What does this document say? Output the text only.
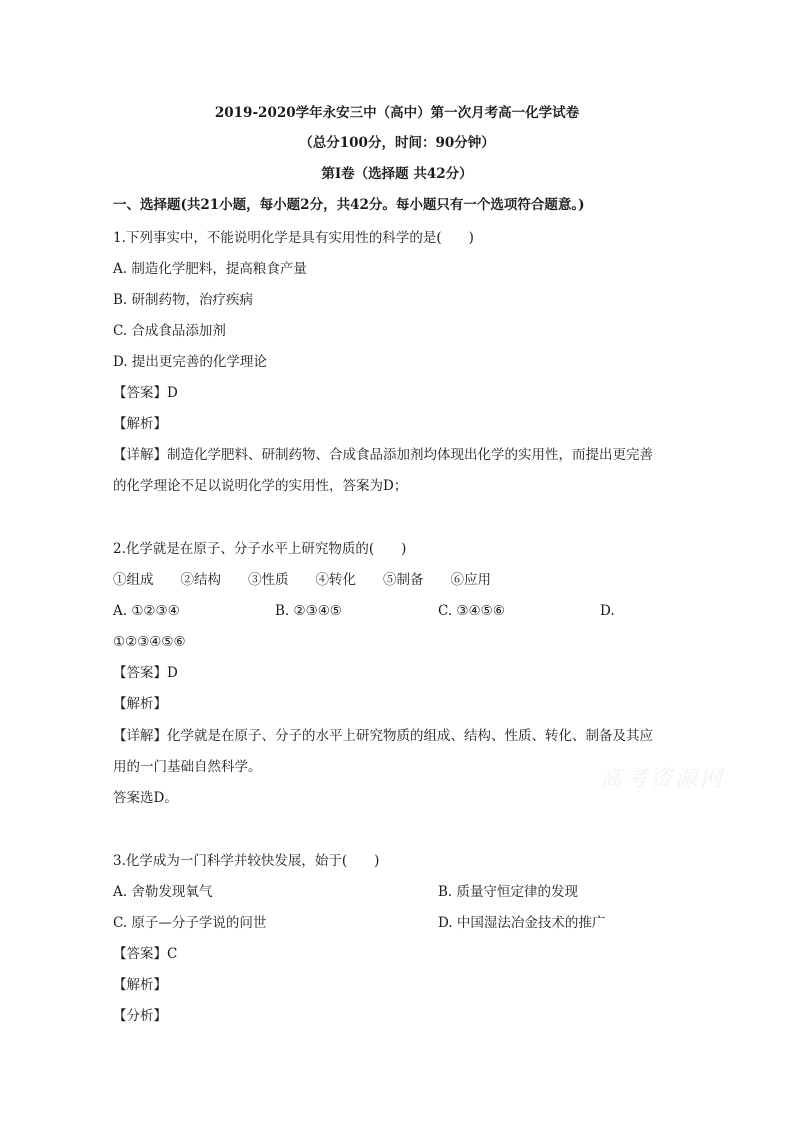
2019-2020学年永安三中（高中）第一次月考高一化学试卷
（总分100分，时间：90分钟）
第I卷（选择题 共42分）
一、选择题(共21小题，每小题2分，共42分。每小题只有一个选项符合题意。)
1.下列事实中，不能说明化学是具有实用性的科学的是(　　)
A. 制造化学肥料，提高粮食产量
B. 研制药物，治疗疾病
C. 合成食品添加剂
D. 提出更完善的化学理论
【答案】D
【解析】
【详解】制造化学肥料、研制药物、合成食品添加剂均体现出化学的实用性，而提出更完善
的化学理论不足以说明化学的实用性，答案为D；
2.化学就是在原子、分子水平上研究物质的(　　)
①组成　　②结构　　③性质　　④转化　　⑤制备　　⑥应用
A. ①②③④	B. ②③④⑤	C. ③④⑤⑥	D.
①②③④⑤⑥
【答案】D
【解析】
【详解】化学就是在原子、分子的水平上研究物质的组成、结构、性质、转化、制备及其应
用的一门基础自然科学。
答案选D。
高考资源网
3.化学成为一门科学并较快发展，始于(　　)
A. 舍勒发现氧气	B. 质量守恒定律的发现
C. 原子—分子学说的问世	D. 中国湿法冶金技术的推广
【答案】C
【解析】
【分析】
